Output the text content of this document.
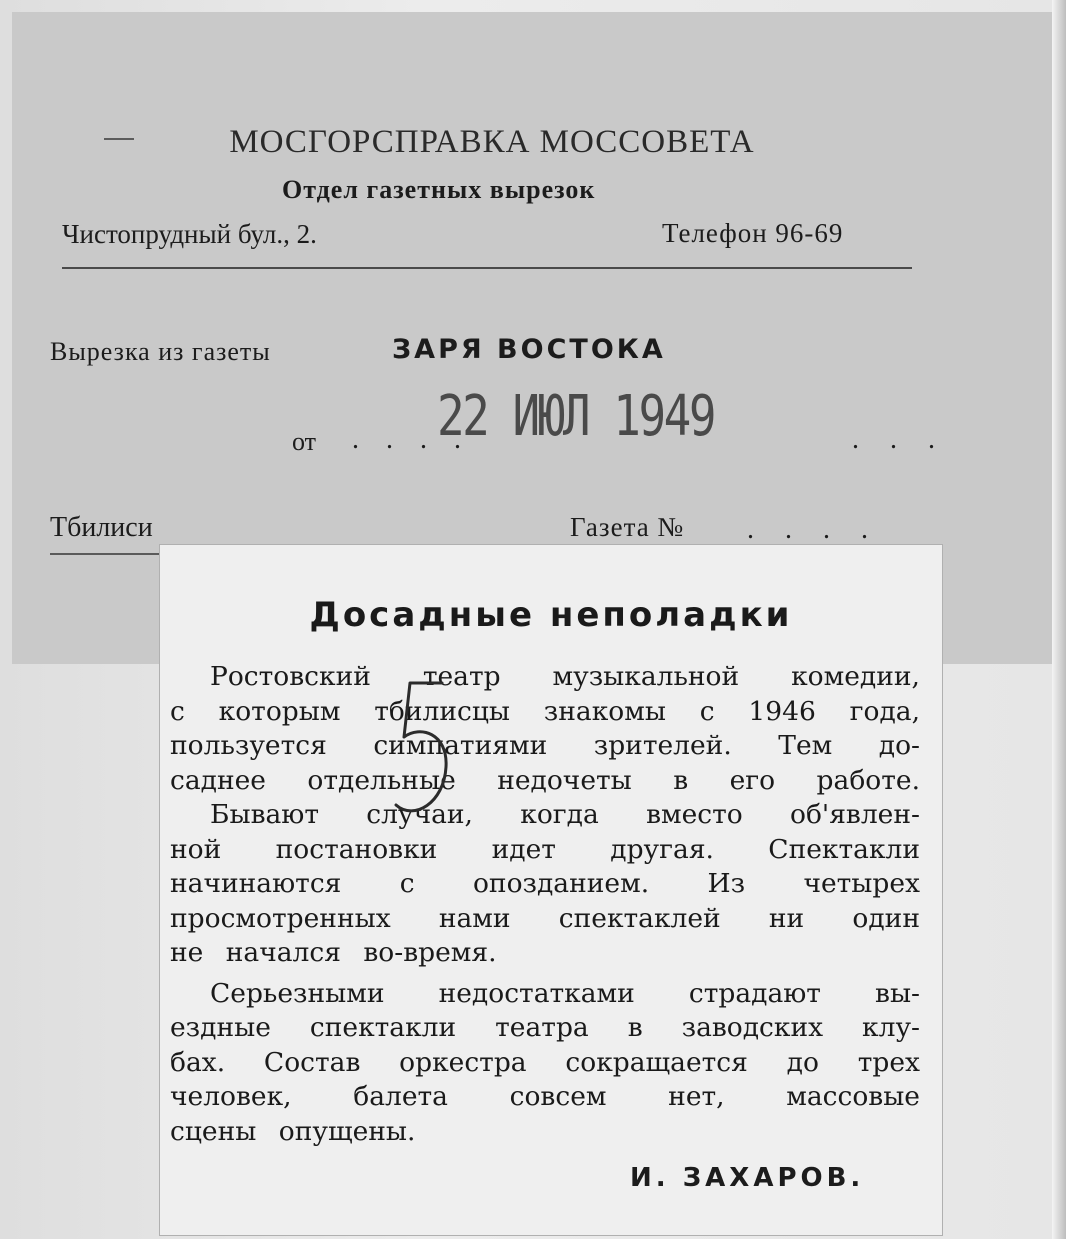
МОСГОРСПРАВКА МОССОВЕТА
Отдел газетных вырезок
Чистопрудный бул., 2.	Телефон 96-69
Вырезка из газеты	ЗАРЯ ВОСТОКА
от . . . .
22 ИЮЛ 1949	. . .
Тбилиси	Газета № . . . .
Досадные неполадки
Ростовский театр музыкальной комедии,
с которым тбилисцы знакомы с 1946 года,
пользуется симпатиями зрителей. Тем до-
саднее отдельные недочеты в его работе.
Бывают случаи, когда вместо об'явлен-
ной постановки идет другая. Спектакли
начинаются с опозданием. Из четырех
просмотренных нами спектаклей ни один
не начался во-время.
Серьезными недостатками страдают вы-
ездные спектакли театра в заводских клу-
бах. Состав оркестра сокращается до трех
человек, балета совсем нет, массовые
сцены опущены.
И. ЗАХАРОВ.
